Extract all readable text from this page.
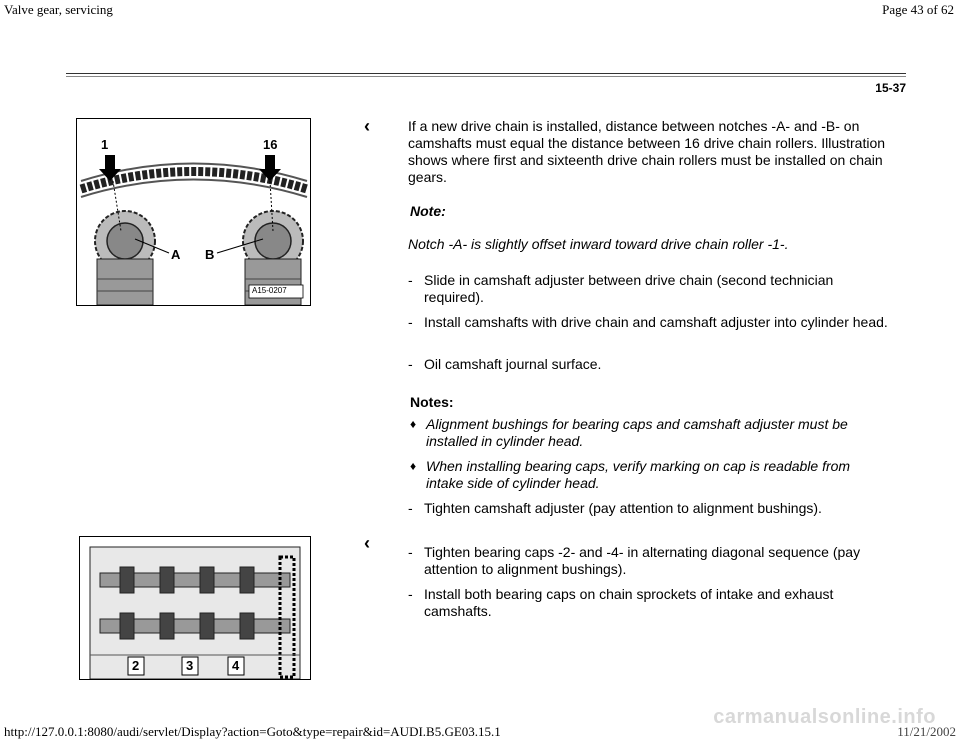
Valve gear, servicing	Page 43 of 62
15-37
1	16
A B
A15-0207
‹	If a new drive chain is installed, distance between notches -A- and -B- on camshafts must equal the distance between 16 drive chain rollers. Illustration shows where first and sixteenth drive chain rollers must be installed on chain gears.
Note:
Notch -A- is slightly offset inward toward drive chain roller -1-.
- Slide in camshaft adjuster between drive chain (second technician required).
- Install camshafts with drive chain and camshaft adjuster into cylinder head.
- Oil camshaft journal surface.
Notes:
♦ Alignment bushings for bearing caps and camshaft adjuster must be installed in cylinder head.
♦ When installing bearing caps, verify marking on cap is readable from intake side of cylinder head.
- Tighten camshaft adjuster (pay attention to alignment bushings).
2	3	4
‹	- Tighten bearing caps -2- and -4- in alternating diagonal sequence (pay attention to alignment bushings).
- Install both bearing caps on chain sprockets of intake and exhaust camshafts.
carmanualsonline.info
http://127.0.0.1:8080/audi/servlet/Display?action=Goto&type=repair&id=AUDI.B5.GE03.15.1	11/21/2002
